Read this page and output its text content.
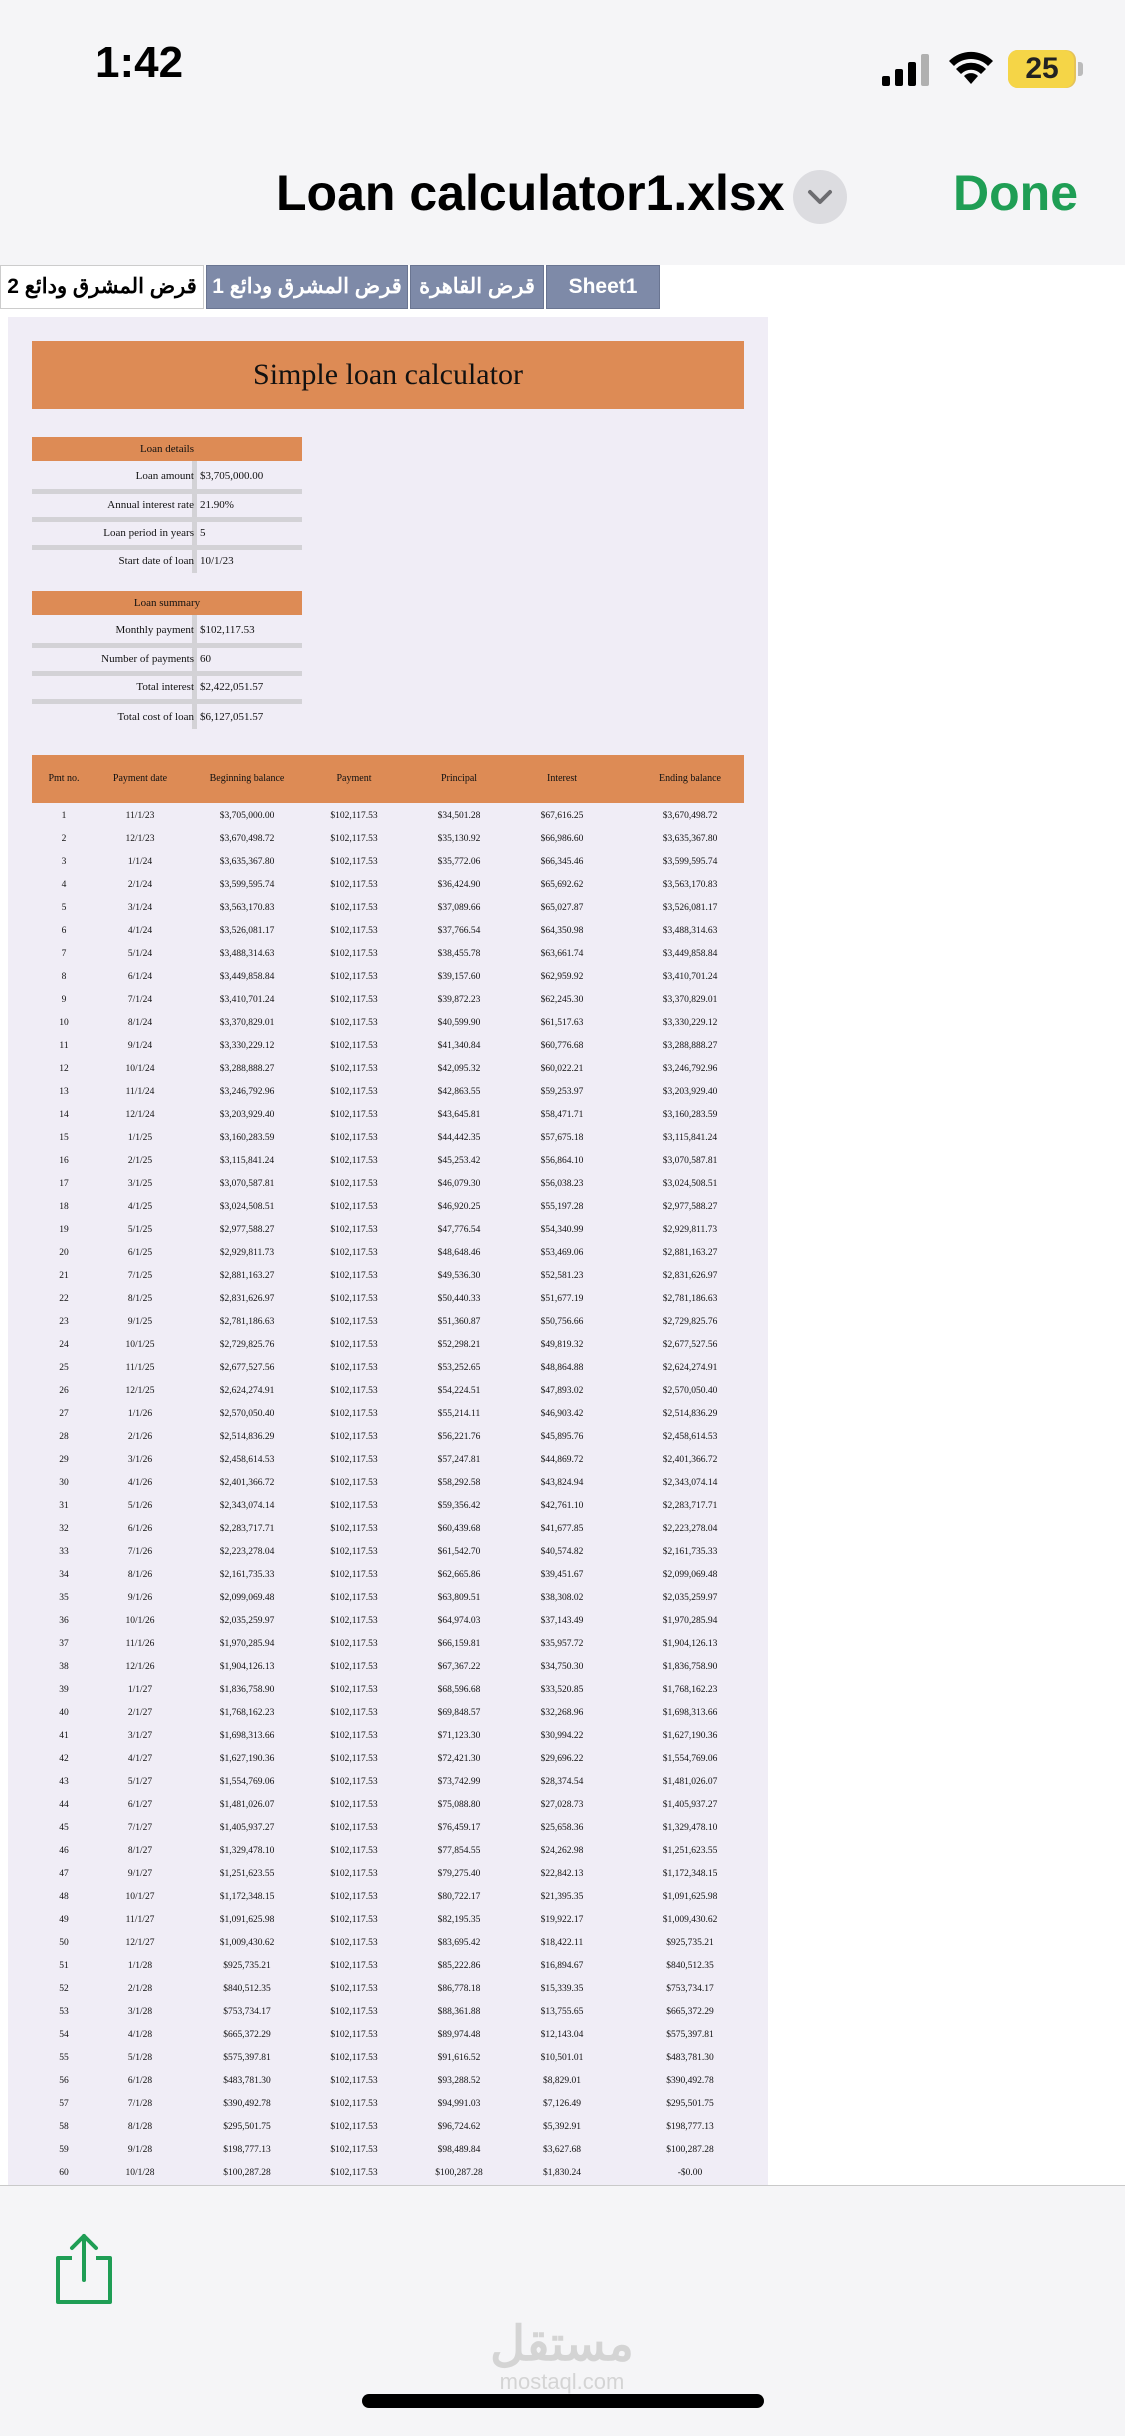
1:42	25
Loan calculator1.xlsx	Done
قرض المشرق ودائع 2 قرض المشرق ودائع 1 قرض القاهرة	Sheet1
Simple loan calculator
Loan details
Loan amount $3,705,000.00
Annual interest rate 21.90%
Loan period in years 5
Start date of loan 10/1/23
Loan summary
Monthly payment $102,117.53
Number of payments 60
Total interest $2,422,051.57
Total cost of loan $6,127,051.57
Pmt no.	Payment date	Beginning balance	Payment	Principal	Interest	Ending balance
1	11/1/23	$3,705,000.00	$102,117.53	$34,501.28	$67,616.25	$3,670,498.72
2	12/1/23	$3,670,498.72	$102,117.53	$35,130.92	$66,986.60	$3,635,367.80
3	1/1/24	$3,635,367.80	$102,117.53	$35,772.06	$66,345.46	$3,599,595.74
4	2/1/24	$3,599,595.74	$102,117.53	$36,424.90	$65,692.62	$3,563,170.83
5	3/1/24	$3,563,170.83	$102,117.53	$37,089.66	$65,027.87	$3,526,081.17
6	4/1/24	$3,526,081.17	$102,117.53	$37,766.54	$64,350.98	$3,488,314.63
7	5/1/24	$3,488,314.63	$102,117.53	$38,455.78	$63,661.74	$3,449,858.84
8	6/1/24	$3,449,858.84	$102,117.53	$39,157.60	$62,959.92	$3,410,701.24
9	7/1/24	$3,410,701.24	$102,117.53	$39,872.23	$62,245.30	$3,370,829.01
10	8/1/24	$3,370,829.01	$102,117.53	$40,599.90	$61,517.63	$3,330,229.12
11	9/1/24	$3,330,229.12	$102,117.53	$41,340.84	$60,776.68	$3,288,888.27
12	10/1/24	$3,288,888.27	$102,117.53	$42,095.32	$60,022.21	$3,246,792.96
13	11/1/24	$3,246,792.96	$102,117.53	$42,863.55	$59,253.97	$3,203,929.40
14	12/1/24	$3,203,929.40	$102,117.53	$43,645.81	$58,471.71	$3,160,283.59
15	1/1/25	$3,160,283.59	$102,117.53	$44,442.35	$57,675.18	$3,115,841.24
16	2/1/25	$3,115,841.24	$102,117.53	$45,253.42	$56,864.10	$3,070,587.81
17	3/1/25	$3,070,587.81	$102,117.53	$46,079.30	$56,038.23	$3,024,508.51
18	4/1/25	$3,024,508.51	$102,117.53	$46,920.25	$55,197.28	$2,977,588.27
19	5/1/25	$2,977,588.27	$102,117.53	$47,776.54	$54,340.99	$2,929,811.73
20	6/1/25	$2,929,811.73	$102,117.53	$48,648.46	$53,469.06	$2,881,163.27
21	7/1/25	$2,881,163.27	$102,117.53	$49,536.30	$52,581.23	$2,831,626.97
22	8/1/25	$2,831,626.97	$102,117.53	$50,440.33	$51,677.19	$2,781,186.63
23	9/1/25	$2,781,186.63	$102,117.53	$51,360.87	$50,756.66	$2,729,825.76
24	10/1/25	$2,729,825.76	$102,117.53	$52,298.21	$49,819.32	$2,677,527.56
25	11/1/25	$2,677,527.56	$102,117.53	$53,252.65	$48,864.88	$2,624,274.91
26	12/1/25	$2,624,274.91	$102,117.53	$54,224.51	$47,893.02	$2,570,050.40
27	1/1/26	$2,570,050.40	$102,117.53	$55,214.11	$46,903.42	$2,514,836.29
28	2/1/26	$2,514,836.29	$102,117.53	$56,221.76	$45,895.76	$2,458,614.53
29	3/1/26	$2,458,614.53	$102,117.53	$57,247.81	$44,869.72	$2,401,366.72
30	4/1/26	$2,401,366.72	$102,117.53	$58,292.58	$43,824.94	$2,343,074.14
31	5/1/26	$2,343,074.14	$102,117.53	$59,356.42	$42,761.10	$2,283,717.71
32	6/1/26	$2,283,717.71	$102,117.53	$60,439.68	$41,677.85	$2,223,278.04
33	7/1/26	$2,223,278.04	$102,117.53	$61,542.70	$40,574.82	$2,161,735.33
34	8/1/26	$2,161,735.33	$102,117.53	$62,665.86	$39,451.67	$2,099,069.48
35	9/1/26	$2,099,069.48	$102,117.53	$63,809.51	$38,308.02	$2,035,259.97
36	10/1/26	$2,035,259.97	$102,117.53	$64,974.03	$37,143.49	$1,970,285.94
37	11/1/26	$1,970,285.94	$102,117.53	$66,159.81	$35,957.72	$1,904,126.13
38	12/1/26	$1,904,126.13	$102,117.53	$67,367.22	$34,750.30	$1,836,758.90
39	1/1/27	$1,836,758.90	$102,117.53	$68,596.68	$33,520.85	$1,768,162.23
40	2/1/27	$1,768,162.23	$102,117.53	$69,848.57	$32,268.96	$1,698,313.66
41	3/1/27	$1,698,313.66	$102,117.53	$71,123.30	$30,994.22	$1,627,190.36
42	4/1/27	$1,627,190.36	$102,117.53	$72,421.30	$29,696.22	$1,554,769.06
43	5/1/27	$1,554,769.06	$102,117.53	$73,742.99	$28,374.54	$1,481,026.07
44	6/1/27	$1,481,026.07	$102,117.53	$75,088.80	$27,028.73	$1,405,937.27
45	7/1/27	$1,405,937.27	$102,117.53	$76,459.17	$25,658.36	$1,329,478.10
46	8/1/27	$1,329,478.10	$102,117.53	$77,854.55	$24,262.98	$1,251,623.55
47	9/1/27	$1,251,623.55	$102,117.53	$79,275.40	$22,842.13	$1,172,348.15
48	10/1/27	$1,172,348.15	$102,117.53	$80,722.17	$21,395.35	$1,091,625.98
49	11/1/27	$1,091,625.98	$102,117.53	$82,195.35	$19,922.17	$1,009,430.62
50	12/1/27	$1,009,430.62	$102,117.53	$83,695.42	$18,422.11	$925,735.21
51	1/1/28	$925,735.21	$102,117.53	$85,222.86	$16,894.67	$840,512.35
52	2/1/28	$840,512.35	$102,117.53	$86,778.18	$15,339.35	$753,734.17
53	3/1/28	$753,734.17	$102,117.53	$88,361.88	$13,755.65	$665,372.29
54	4/1/28	$665,372.29	$102,117.53	$89,974.48	$12,143.04	$575,397.81
55	5/1/28	$575,397.81	$102,117.53	$91,616.52	$10,501.01	$483,781.30
56	6/1/28	$483,781.30	$102,117.53	$93,288.52	$8,829.01	$390,492.78
57	7/1/28	$390,492.78	$102,117.53	$94,991.03	$7,126.49	$295,501.75
58	8/1/28	$295,501.75	$102,117.53	$96,724.62	$5,392.91	$198,777.13
59	9/1/28	$198,777.13	$102,117.53	$98,489.84	$3,627.68	$100,287.28
60	10/1/28	$100,287.28	$102,117.53	$100,287.28	$1,830.24	-$0.00
مستقل
mostaql.com
